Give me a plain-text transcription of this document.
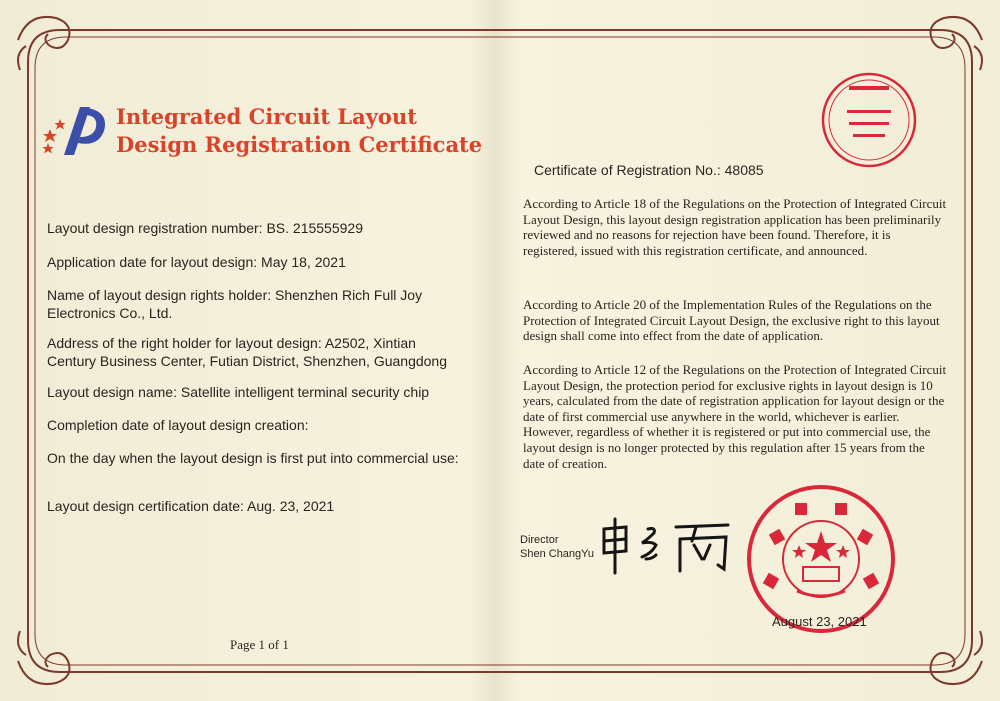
Integrated Circuit Layout
Design Registration Certificate
Layout design registration number: BS. 215555929
Application date for layout design: May 18, 2021
Name of layout design rights holder: Shenzhen Rich Full Joy Electronics Co., Ltd.
Address of the right holder for layout design: A2502, Xintian Century Business Center, Futian District, Shenzhen, Guangdong
Layout design name: Satellite intelligent terminal security chip
Completion date of layout design creation:
On the day when the layout design is first put into commercial use:
Layout design certification date: Aug. 23, 2021
Page 1 of 1
Certificate of Registration No.: 48085
According to Article 18 of the Regulations on the Protection of Integrated Circuit Layout Design, this layout design registration application has been preliminarily reviewed and no reasons for rejection have been found. Therefore, it is registered, issued with this registration certificate, and announced.
According to Article 20 of the Implementation Rules of the Regulations on the Protection of Integrated Circuit Layout Design, the exclusive right to this layout design shall come into effect from the date of application.
According to Article 12 of the Regulations on the Protection of Integrated Circuit Layout Design, the protection period for exclusive rights in layout design is 10 years, calculated from the date of registration application for layout design or the date of first commercial use anywhere in the world, whichever is earlier. However, regardless of whether it is registered or put into commercial use, the layout design is no longer protected by this regulation after 15 years from the date of creation.
Director
Shen ChangYu
August 23, 2021
